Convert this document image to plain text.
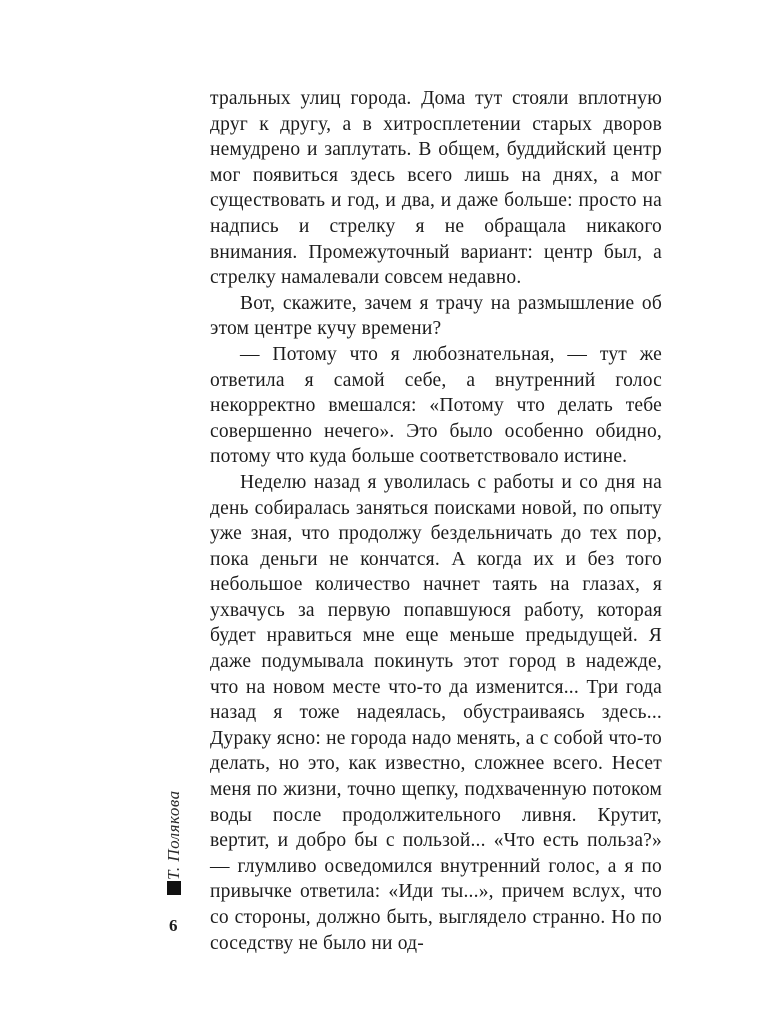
тральных улиц города. Дома тут стояли вплотную друг к другу, а в хитросплетении старых дворов немудрено и заплутать. В общем, буддийский центр мог появиться здесь всего лишь на днях, а мог существовать и год, и два, и даже больше: просто на надпись и стрелку я не обращала никакого внимания. Промежуточный вариант: центр был, а стрелку намалевали совсем недавно.

Вот, скажите, зачем я трачу на размышление об этом центре кучу времени?

— Потому что я любознательная, — тут же ответила я самой себе, а внутренний голос некорректно вмешался: «Потому что делать тебе совершенно нечего». Это было особенно обидно, потому что куда больше соответствовало истине.

Неделю назад я уволилась с работы и со дня на день собиралась заняться поисками новой, по опыту уже зная, что продолжу бездельничать до тех пор, пока деньги не кончатся. А когда их и без того небольшое количество начнет таять на глазах, я ухвачусь за первую попавшуюся работу, которая будет нравиться мне еще меньше предыдущей. Я даже подумывала покинуть этот город в надежде, что на новом месте что-то да изменится... Три года назад я тоже надеялась, обустраиваясь здесь... Дураку ясно: не города надо менять, а с собой что-то делать, но это, как известно, сложнее всего. Несет меня по жизни, точно щепку, подхваченную потоком воды после продолжительного ливня. Крутит, вертит, и добро бы с пользой... «Что есть польза?» — глумливо осведомился внутренний голос, а я по привычке ответила: «Иди ты...», причем вслух, что со стороны, должно быть, выглядело странно. Но по соседству не было ни од-

Т. Полякова
6
